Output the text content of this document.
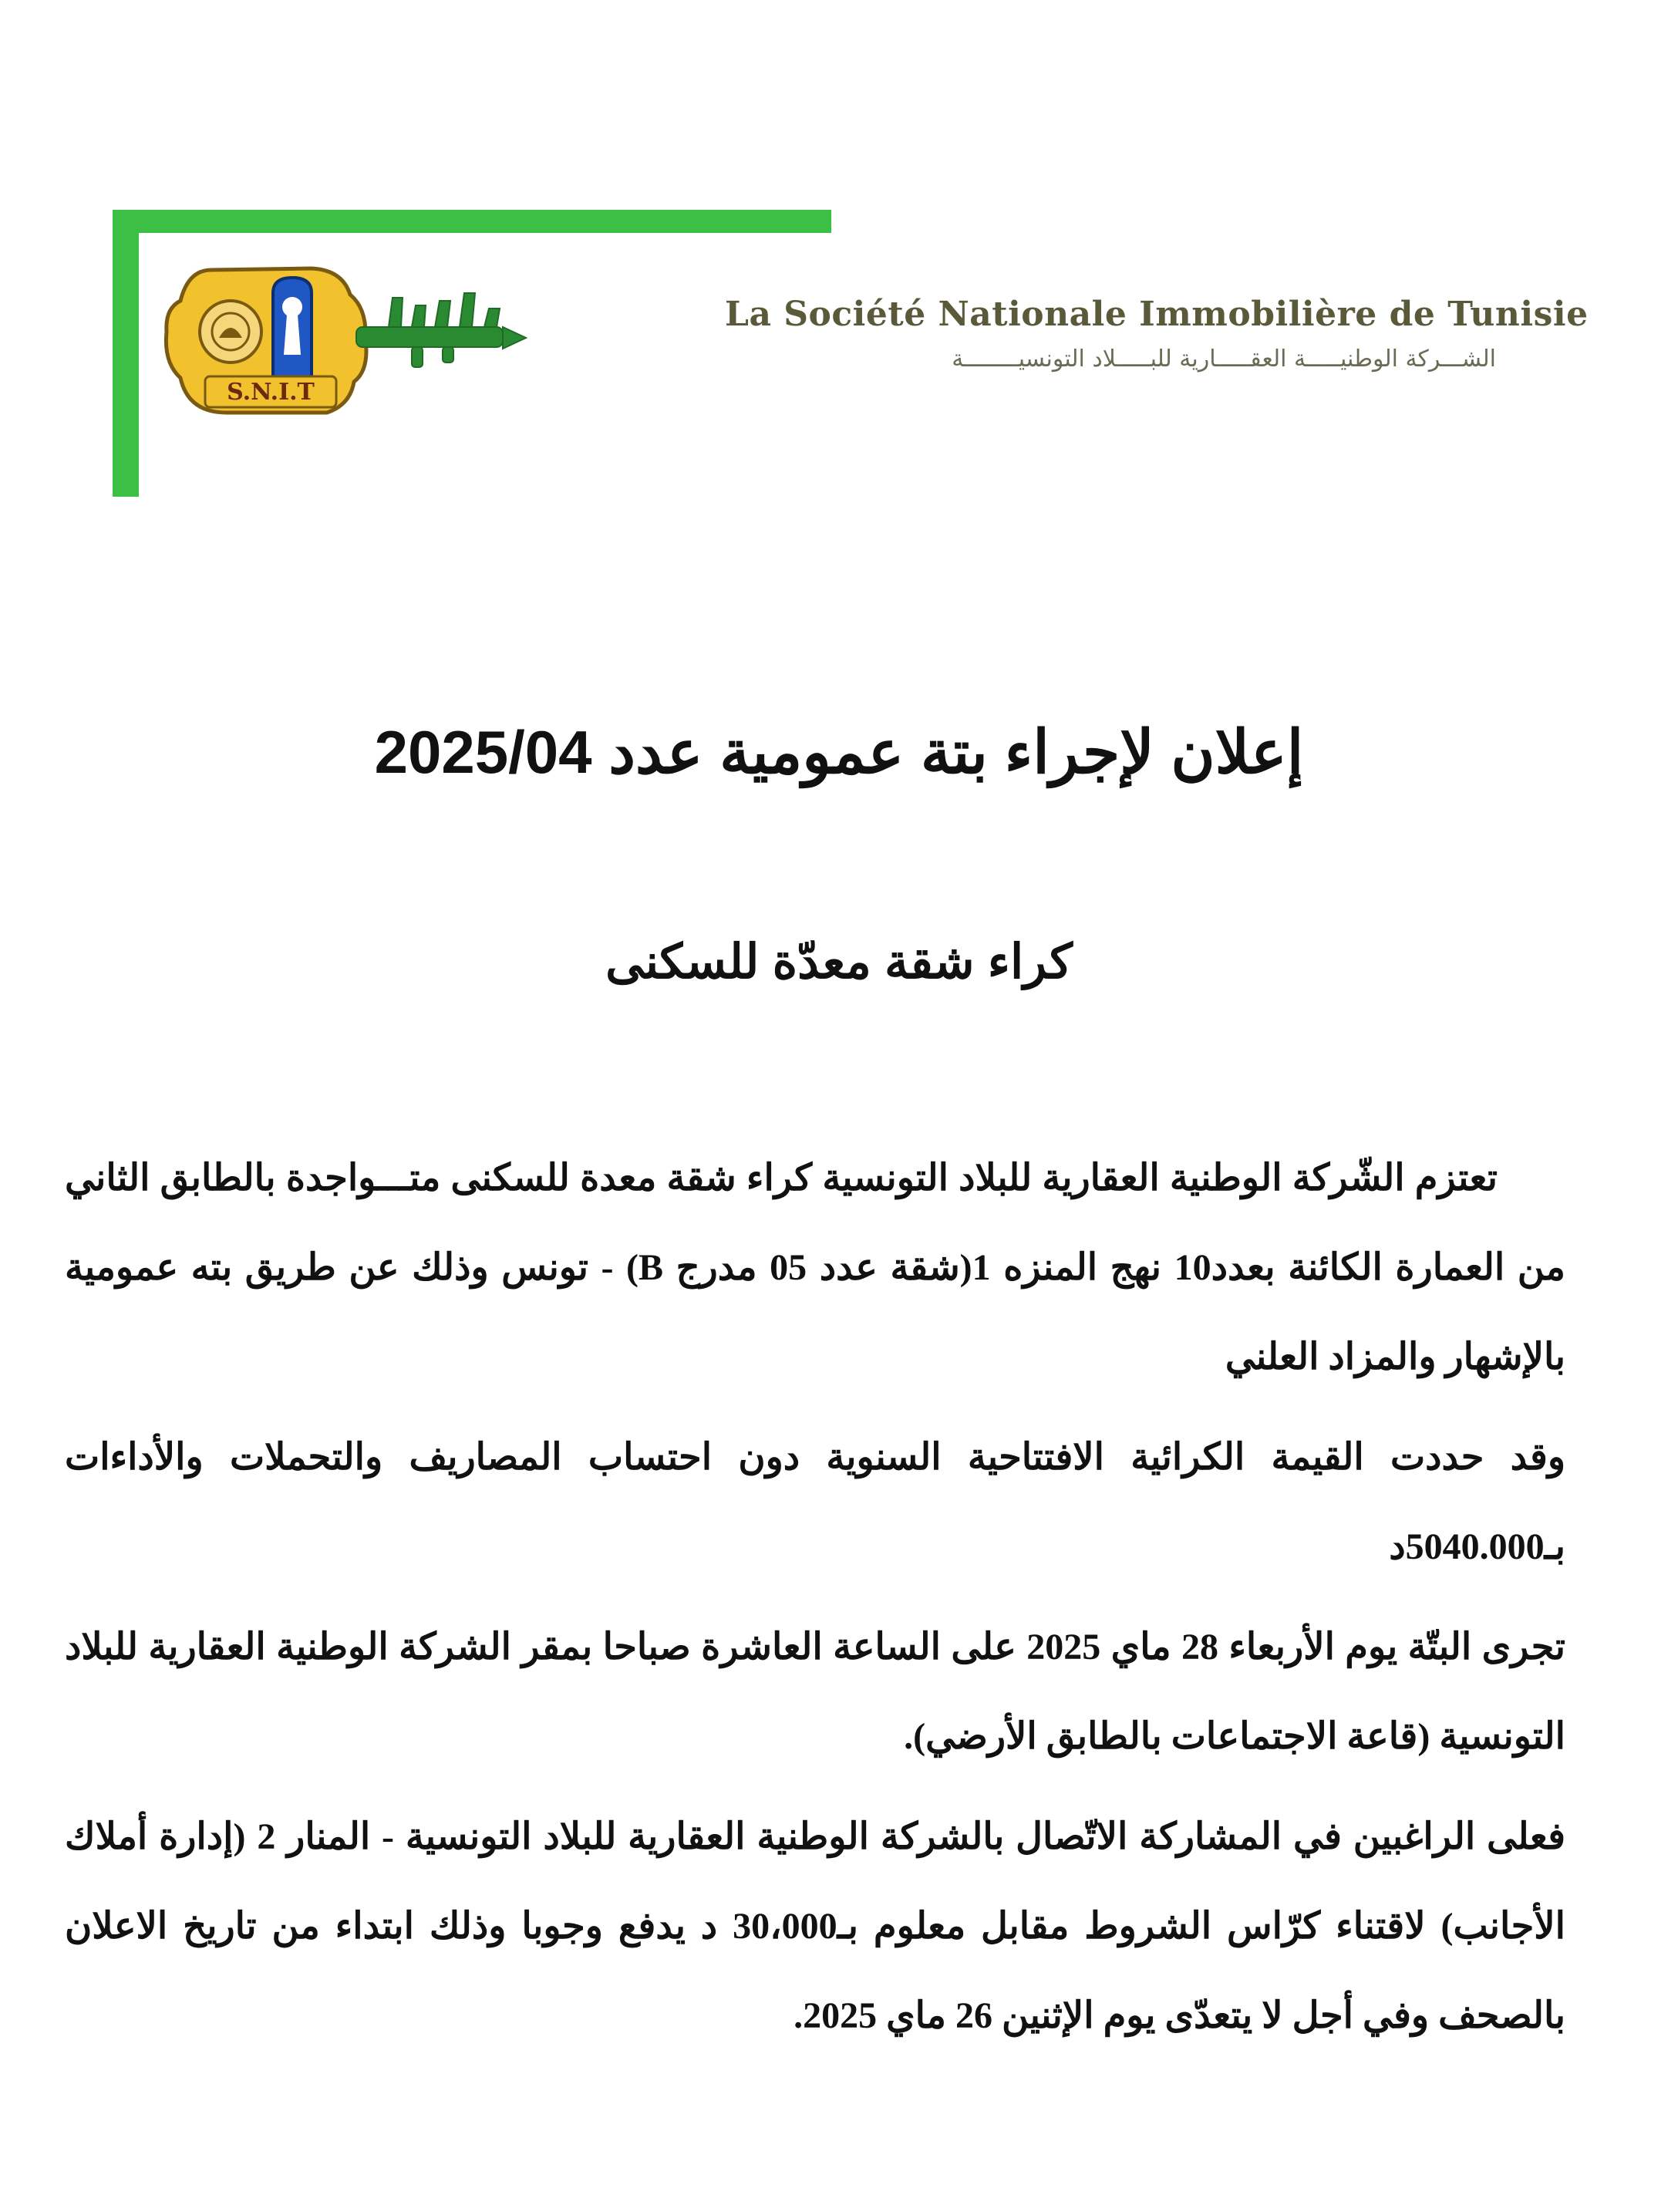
S.N.I.T
La Société Nationale Immobilière de Tunisie
الشـــركة الوطنيـــــة العقـــــارية للبـــــلاد التونسيــــــــة
إعلان لإجراء بتة عمومية عدد 2025/04
كراء شقة معدّة للسكنى

تعتزم الشّركة الوطنية العقارية للبلاد التونسية كراء شقة معدة للسكنى متـــواجدة بالطابق الثاني من العمارة الكائنة بعدد10 نهج المنزه 1(شقة عدد 05 مدرج B) - تونس وذلك عن طريق بته عمومية بالإشهار والمزاد العلني

وقد حددت القيمة الكرائية الافتتاحية السنوية دون احتساب المصاريف والتحملات والأداءات بـ5040.000د

تجرى البتّة يوم الأربعاء 28 ماي 2025 على الساعة العاشرة صباحا بمقر الشركة الوطنية العقارية للبلاد التونسية (قاعة الاجتماعات بالطابق الأرضي).

فعلى الراغبين في المشاركة الاتّصال بالشركة الوطنية العقارية للبلاد التونسية - المنار 2 (إدارة أملاك الأجانب) لاقتناء كرّاس الشروط مقابل معلوم بـ30،000 د يدفع وجوبا وذلك ابتداء من تاريخ الاعلان بالصحف وفي أجل لا يتعدّى يوم الإثنين 26 ماي 2025.
